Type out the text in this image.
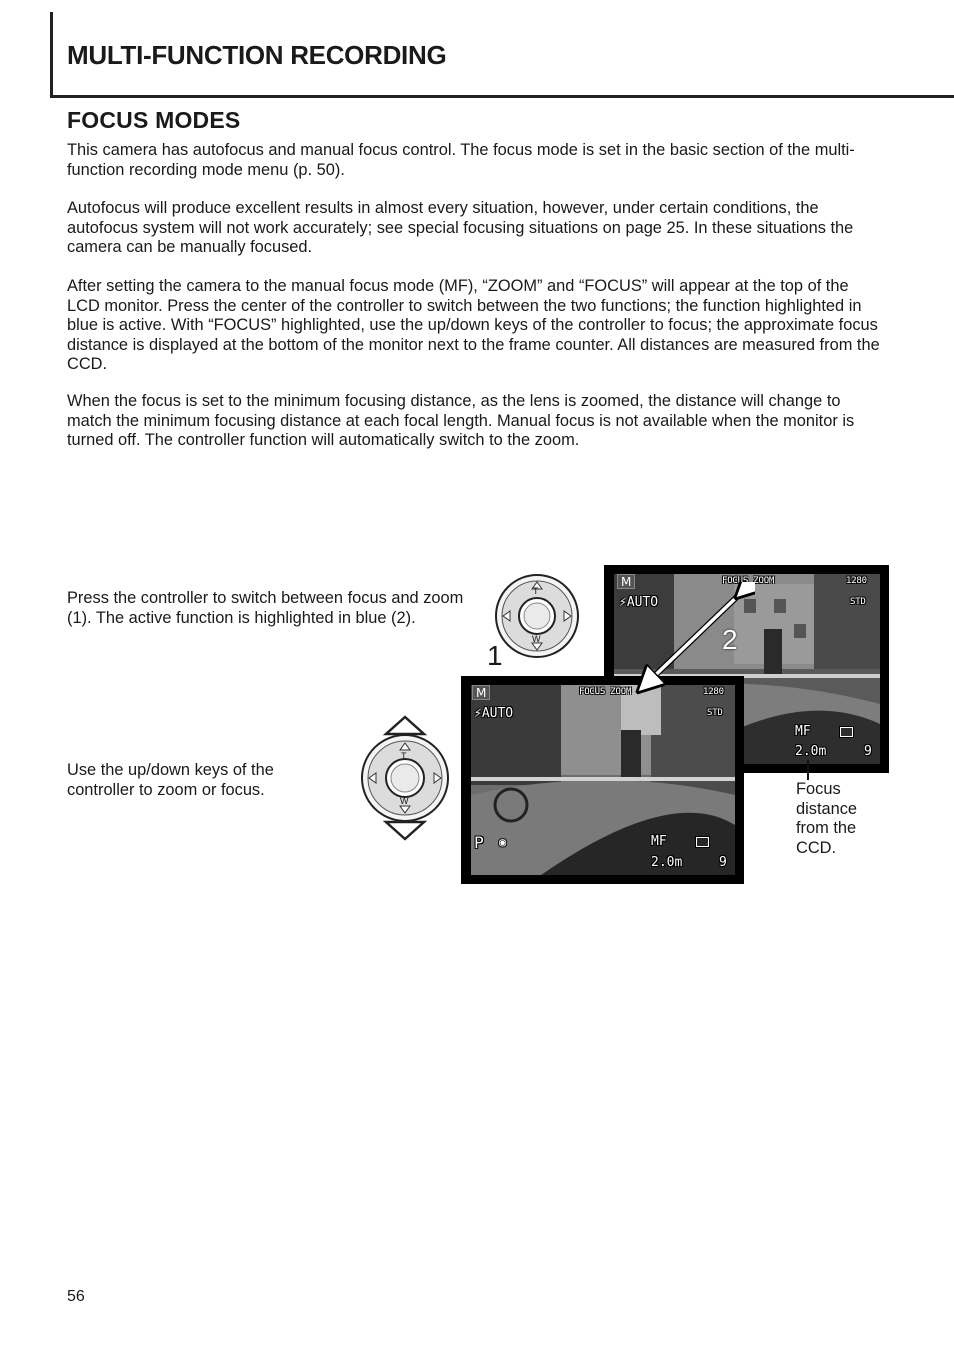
MULTI-FUNCTION RECORDING
FOCUS MODES

This camera has autofocus and manual focus control. The focus mode is set in the basic section of the multi-function recording mode menu (p. 50).

Autofocus will produce excellent results in almost every situation, however, under certain conditions, the autofocus system will not work accurately; see special focusing situations on page 25. In these situations the camera can be manually focused.

After setting the camera to the manual focus mode (MF), “ZOOM” and “FOCUS” will appear at the top of the LCD monitor. Press the center of the controller to switch between the two functions; the function highlighted in blue is active. With “FOCUS” highlighted, use the up/down keys of the controller to focus; the approximate focus distance is displayed at the bottom of the monitor next to the frame counter. All distances are measured from the CCD.

When the focus is set to the minimum focusing distance, as the lens is zoomed, the distance will change to match the minimum focusing distance at each focal length. Manual focus is not available when the monitor is turned off. The controller function will automatically switch to the zoom.

Press the controller to switch between focus and zoom (1). The active function is highlighted in blue (2).

Use the up/down keys of the controller to zoom or focus.	Focus distance from the CCD.

T
W
T
W
1
M
⚡AUTO
FOCUS ZOOM	1280
STD
MF
2.0m	9
M
⚡AUTO
FOCUS ZOOM	1280
STD
P ◉	MF
2.0m	9
2
56
